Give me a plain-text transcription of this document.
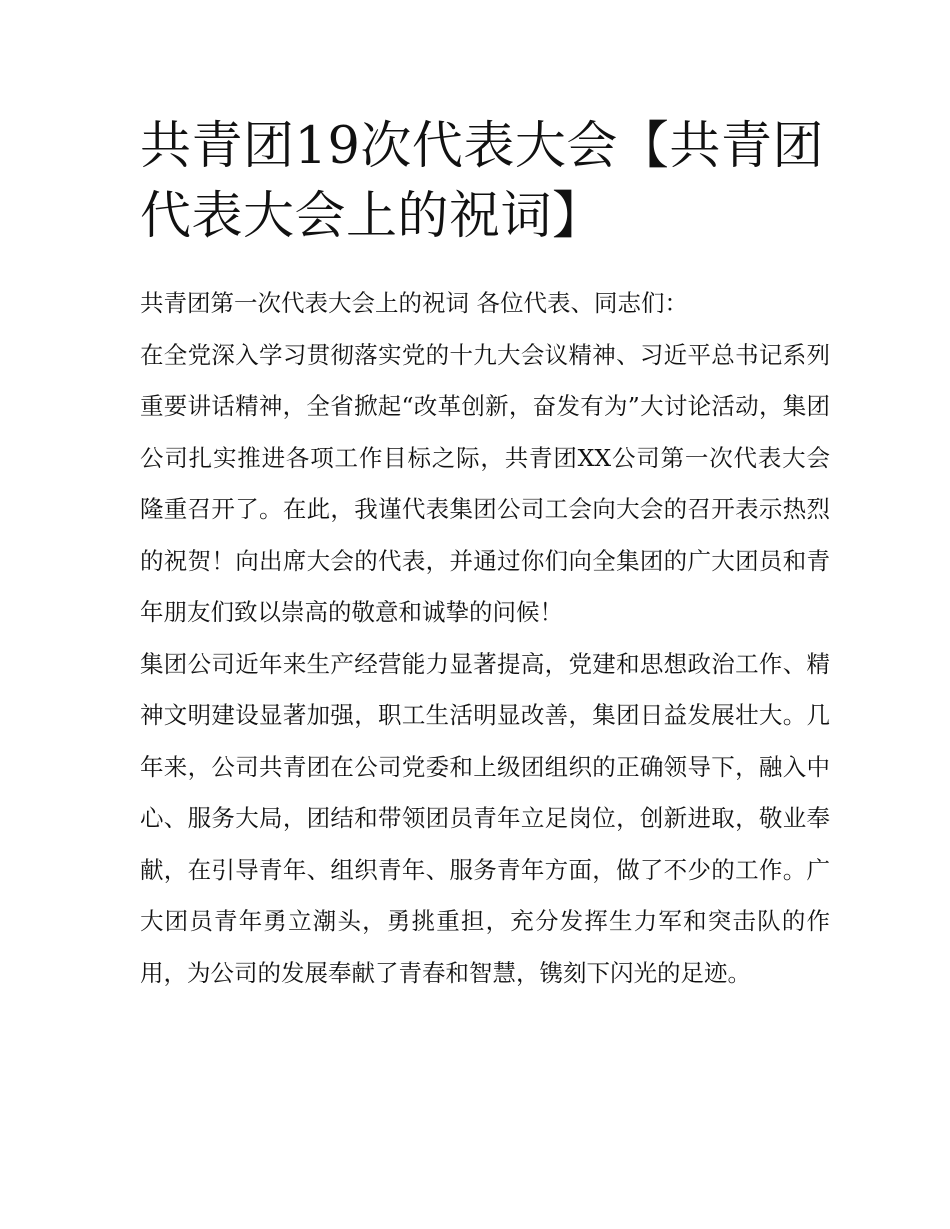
共青团19次代表大会【共青团代表大会上的祝词】

共青团第一次代表大会上的祝词 各位代表、同志们：

在全党深入学习贯彻落实党的十九大会议精神、习近平总书记系列重要讲话精神，全省掀起“改革创新，奋发有为”大讨论活动，集团公司扎实推进各项工作目标之际，共青团XX公司第一次代表大会隆重召开了。在此，我谨代表集团公司工会向大会的召开表示热烈的祝贺！向出席大会的代表，并通过你们向全集团的广大团员和青年朋友们致以崇高的敬意和诚挚的问候！

集团公司近年来生产经营能力显著提高，党建和思想政治工作、精神文明建设显著加强，职工生活明显改善，集团日益发展壮大。几年来，公司共青团在公司党委和上级团组织的正确领导下，融入中心、服务大局，团结和带领团员青年立足岗位，创新进取，敬业奉献，在引导青年、组织青年、服务青年方面，做了不少的工作。广大团员青年勇立潮头，勇挑重担，充分发挥生力军和突击队的作用，为公司的发展奉献了青春和智慧，镌刻下闪光的足迹。
